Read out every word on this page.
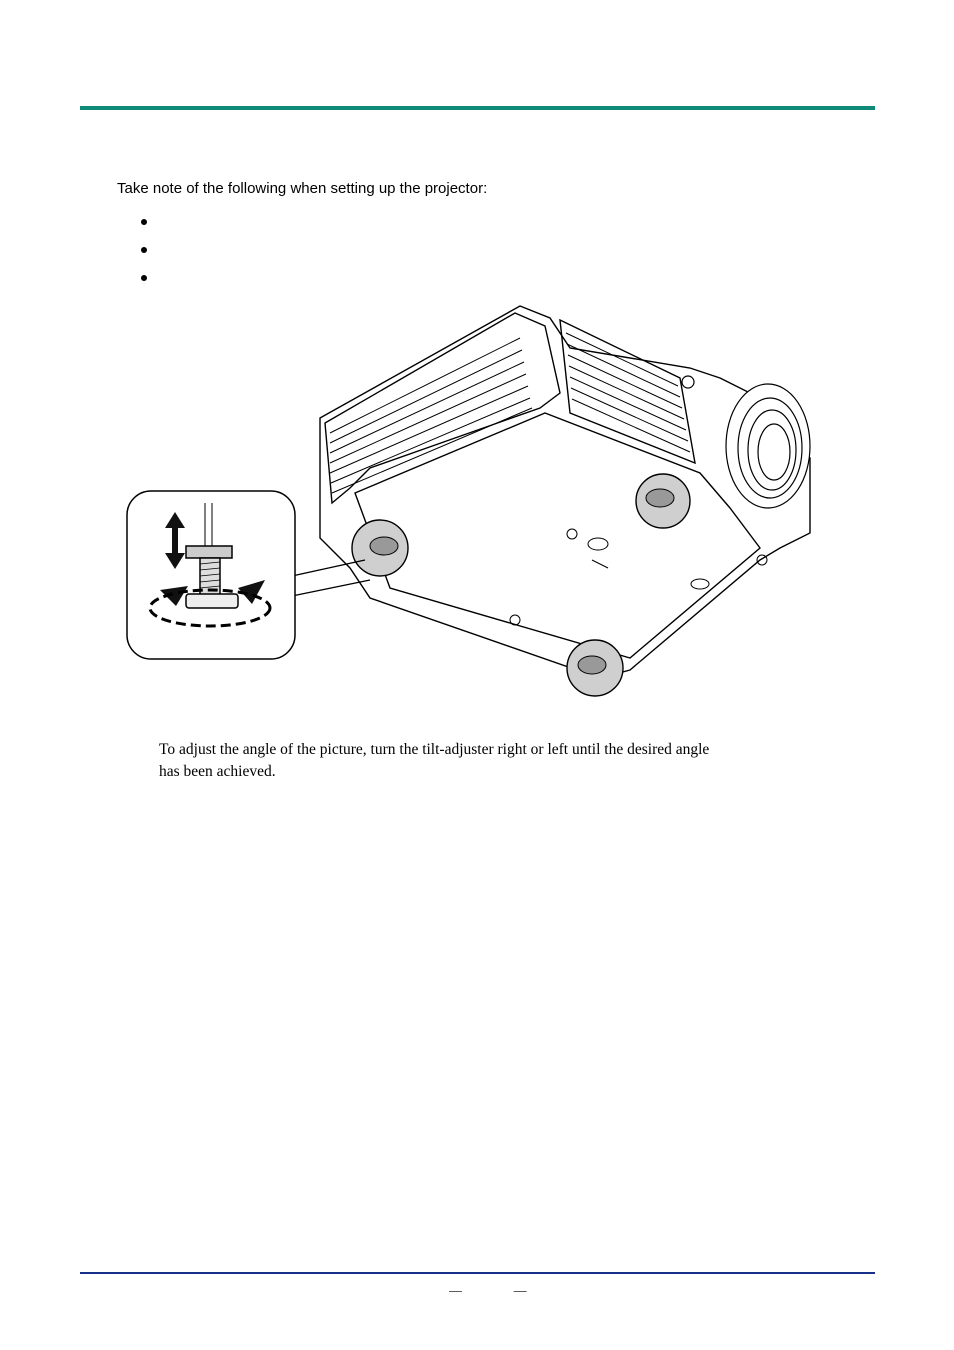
Take note of the following when setting up the projector:
To adjust the angle of the picture, turn the tilt-adjuster right or left until the desired angle has been achieved.
— —
